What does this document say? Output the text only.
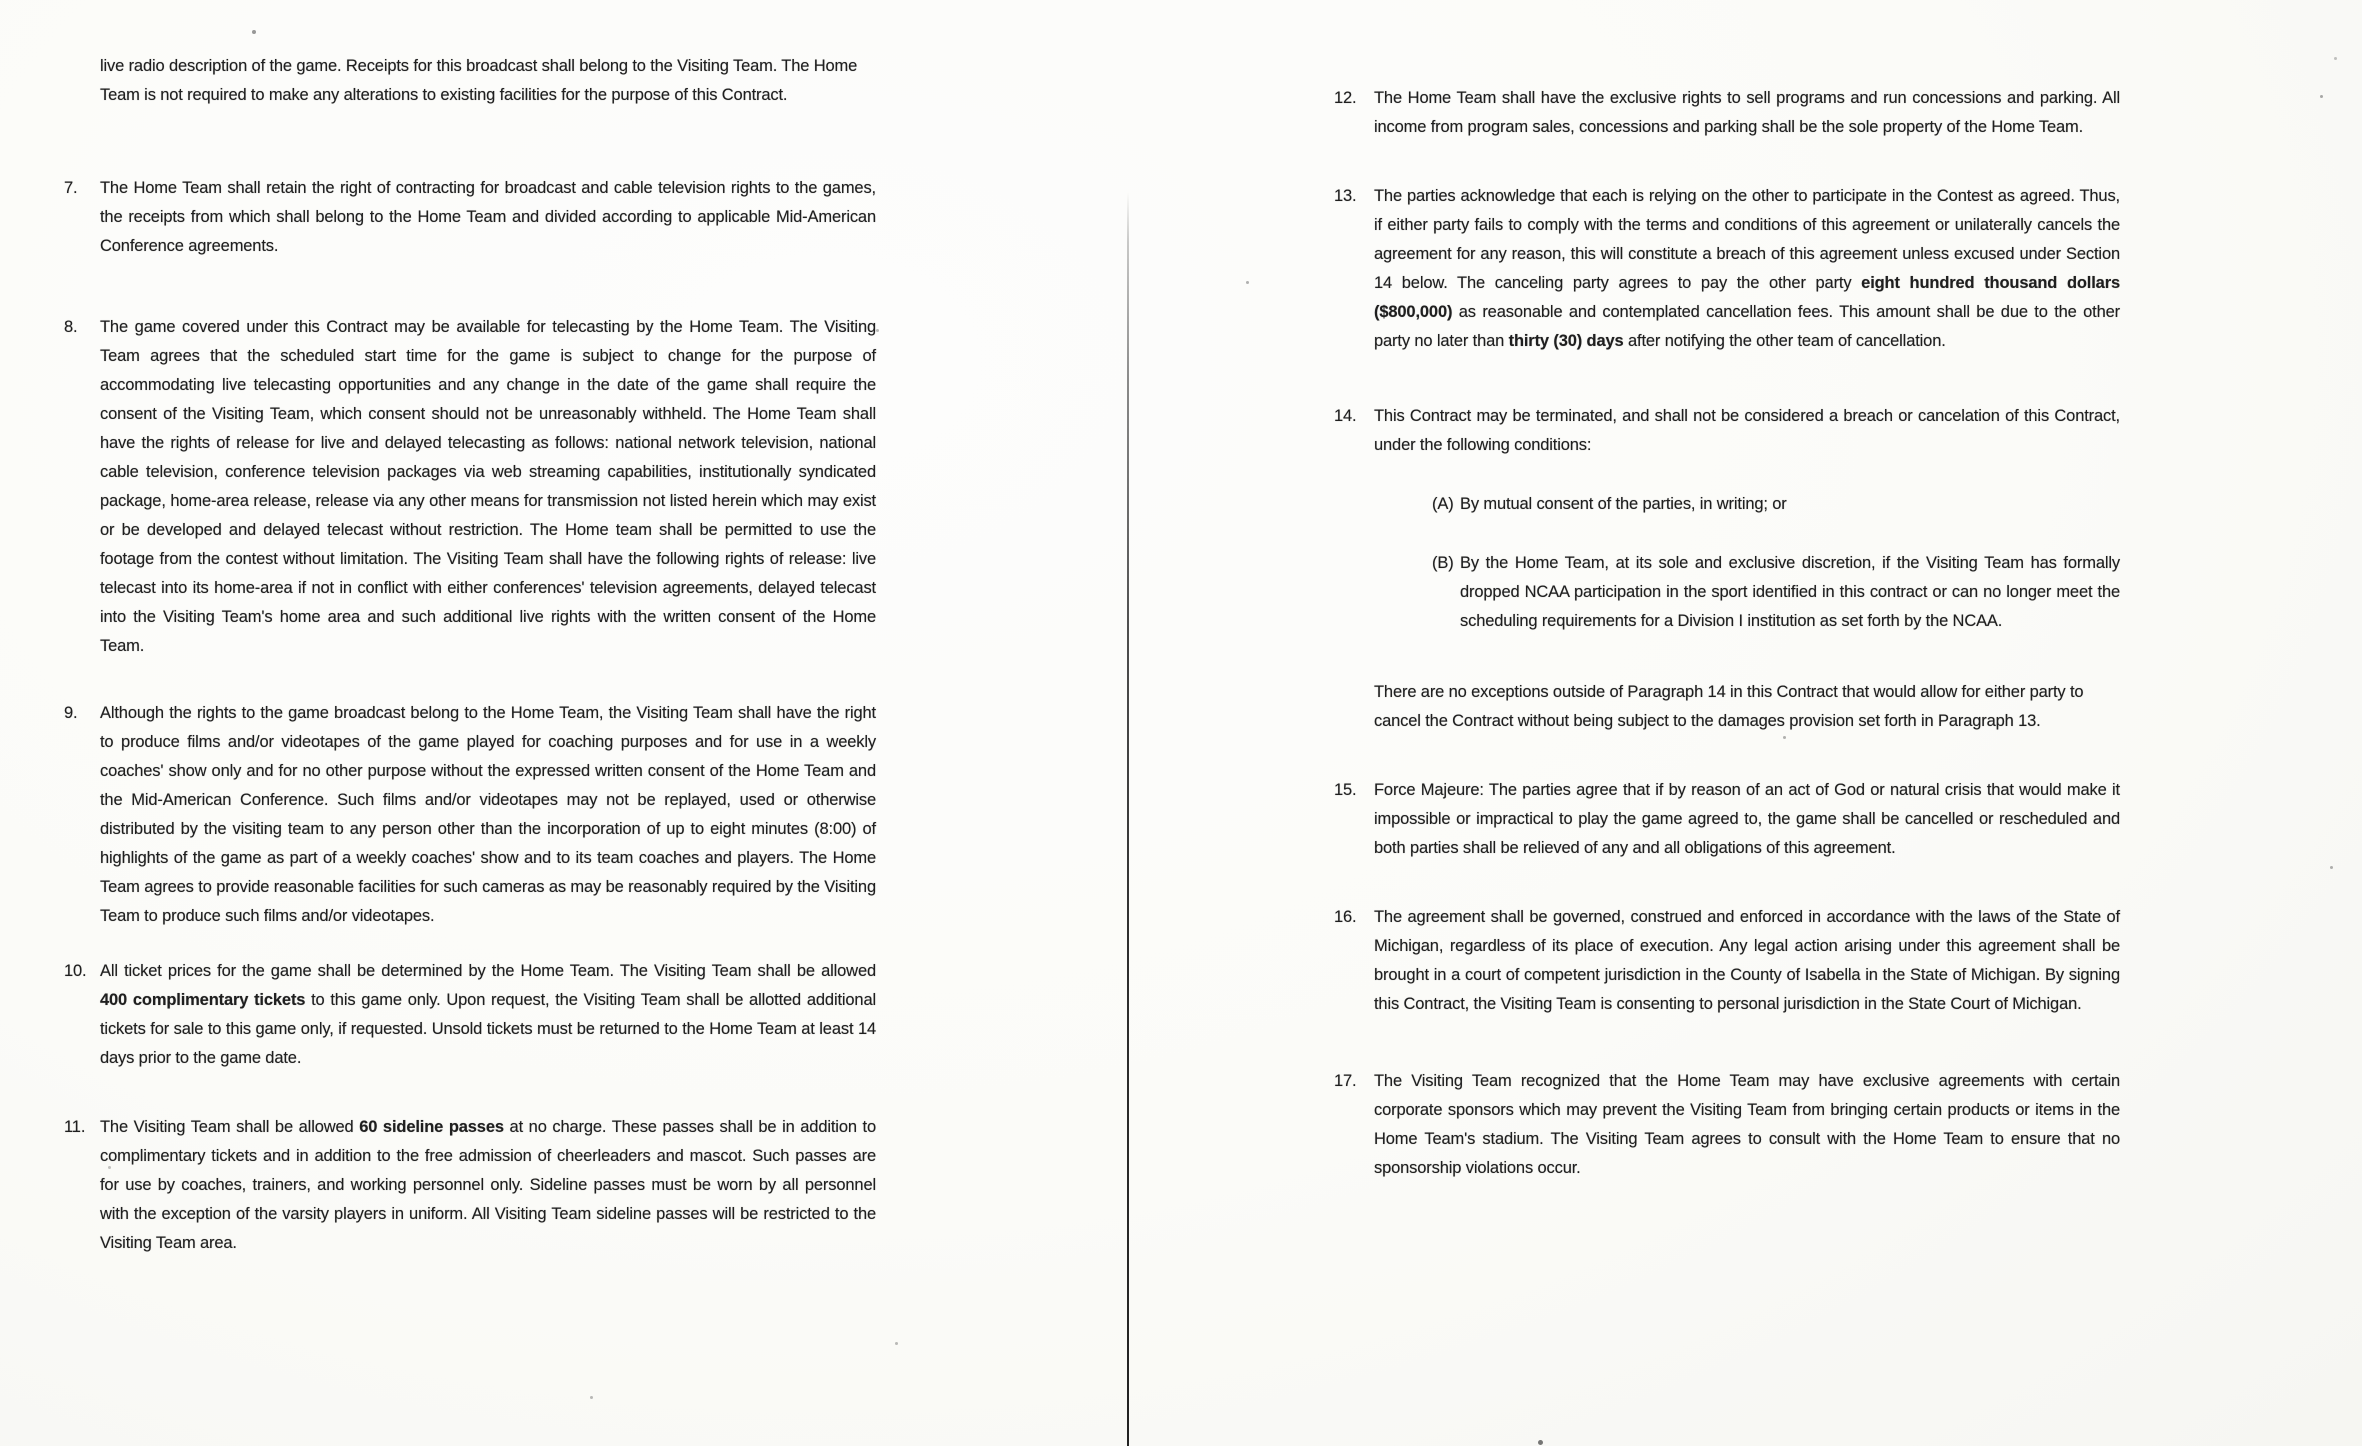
live radio description of the game. Receipts for this broadcast shall belong to the Visiting Team. The Home Team is not required to make any alterations to existing facilities for the purpose of this Contract.
7. The Home Team shall retain the right of contracting for broadcast and cable television rights to the games, the receipts from which shall belong to the Home Team and divided according to applicable Mid-American Conference agreements.
8. The game covered under this Contract may be available for telecasting by the Home Team. The Visiting Team agrees that the scheduled start time for the game is subject to change for the purpose of accommodating live telecasting opportunities and any change in the date of the game shall require the consent of the Visiting Team, which consent should not be unreasonably withheld. The Home Team shall have the rights of release for live and delayed telecasting as follows: national network television, national cable television, conference television packages via web streaming capabilities, institutionally syndicated package, home-area release, release via any other means for transmission not listed herein which may exist or be developed and delayed telecast without restriction. The Home team shall be permitted to use the footage from the contest without limitation. The Visiting Team shall have the following rights of release: live telecast into its home-area if not in conflict with either conferences' television agreements, delayed telecast into the Visiting Team's home area and such additional live rights with the written consent of the Home Team.
9. Although the rights to the game broadcast belong to the Home Team, the Visiting Team shall have the right to produce films and/or videotapes of the game played for coaching purposes and for use in a weekly coaches' show only and for no other purpose without the expressed written consent of the Home Team and the Mid-American Conference. Such films and/or videotapes may not be replayed, used or otherwise distributed by the visiting team to any person other than the incorporation of up to eight minutes (8:00) of highlights of the game as part of a weekly coaches' show and to its team coaches and players. The Home Team agrees to provide reasonable facilities for such cameras as may be reasonably required by the Visiting Team to produce such films and/or videotapes.
10. All ticket prices for the game shall be determined by the Home Team. The Visiting Team shall be allowed 400 complimentary tickets to this game only. Upon request, the Visiting Team shall be allotted additional tickets for sale to this game only, if requested. Unsold tickets must be returned to the Home Team at least 14 days prior to the game date.
11. The Visiting Team shall be allowed 60 sideline passes at no charge. These passes shall be in addition to complimentary tickets and in addition to the free admission of cheerleaders and mascot. Such passes are for use by coaches, trainers, and working personnel only. Sideline passes must be worn by all personnel with the exception of the varsity players in uniform. All Visiting Team sideline passes will be restricted to the Visiting Team area.
12. The Home Team shall have the exclusive rights to sell programs and run concessions and parking. All income from program sales, concessions and parking shall be the sole property of the Home Team.
13. The parties acknowledge that each is relying on the other to participate in the Contest as agreed. Thus, if either party fails to comply with the terms and conditions of this agreement or unilaterally cancels the agreement for any reason, this will constitute a breach of this agreement unless excused under Section 14 below. The canceling party agrees to pay the other party eight hundred thousand dollars ($800,000) as reasonable and contemplated cancellation fees. This amount shall be due to the other party no later than thirty (30) days after notifying the other team of cancellation.
14. This Contract may be terminated, and shall not be considered a breach or cancelation of this Contract, under the following conditions:
(A) By mutual consent of the parties, in writing; or
(B) By the Home Team, at its sole and exclusive discretion, if the Visiting Team has formally dropped NCAA participation in the sport identified in this contract or can no longer meet the scheduling requirements for a Division I institution as set forth by the NCAA.
There are no exceptions outside of Paragraph 14 in this Contract that would allow for either party to cancel the Contract without being subject to the damages provision set forth in Paragraph 13.
15. Force Majeure: The parties agree that if by reason of an act of God or natural crisis that would make it impossible or impractical to play the game agreed to, the game shall be cancelled or rescheduled and both parties shall be relieved of any and all obligations of this agreement.
16. The agreement shall be governed, construed and enforced in accordance with the laws of the State of Michigan, regardless of its place of execution. Any legal action arising under this agreement shall be brought in a court of competent jurisdiction in the County of Isabella in the State of Michigan. By signing this Contract, the Visiting Team is consenting to personal jurisdiction in the State Court of Michigan.
17. The Visiting Team recognized that the Home Team may have exclusive agreements with certain corporate sponsors which may prevent the Visiting Team from bringing certain products or items in the Home Team's stadium. The Visiting Team agrees to consult with the Home Team to ensure that no sponsorship violations occur.
